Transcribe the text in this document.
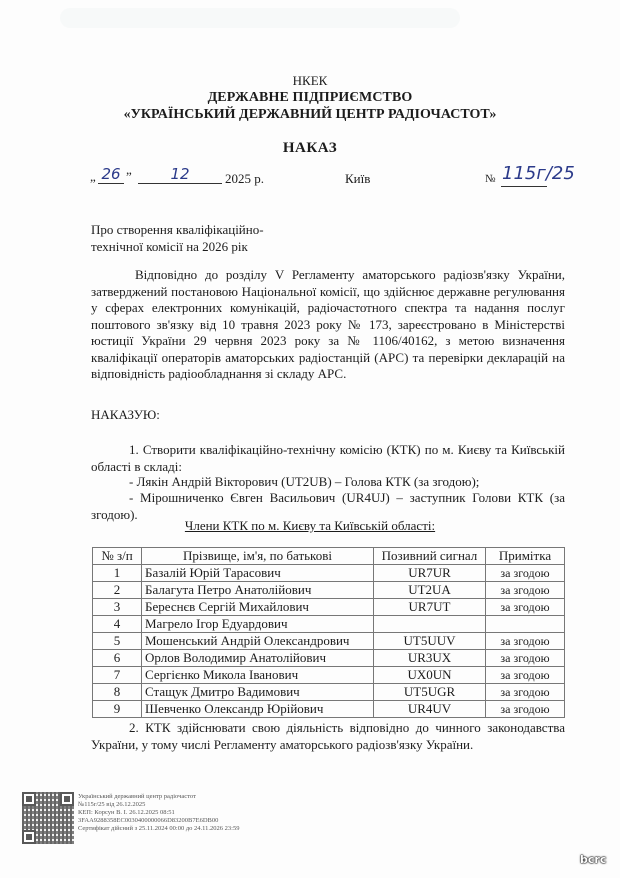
НКЕК
ДЕРЖАВНЕ ПІДПРИЄМСТВО
«УКРАЇНСЬКИЙ ДЕРЖАВНИЙ ЦЕНТР РАДІОЧАСТОТ»
НАКАЗ
„ 26 ”	12	2025 р.	Київ	№ 115г/25
Про створення кваліфікаційно-
технічної комісії на 2026 рік
Відповідно до розділу V Регламенту аматорського радіозв'язку України, затверджений постановою Національної комісії, що здійснює державне регулювання у сферах електронних комунікацій, радіочастотного спектра та надання послуг поштового зв'язку від 10 травня 2023 року № 173, зареєстровано в Міністерстві юстиції України 29 червня 2023 року за № 1106/40162, з метою визначення кваліфікації операторів аматорських радіостанцій (АРС) та перевірки декларацій на відповідність радіообладнання зі складу АРС.
НАКАЗУЮ:
1. Створити кваліфікаційно-технічну комісію (КТК) по м. Києву та Київській області в складі:
- Лякін Андрій Вікторович (UT2UB) – Голова КТК (за згодою);
- Мірошниченко Євген Васильович (UR4UJ) – заступник Голови КТК (за згодою).
Члени КТК по м. Києву та Київській області:
№ з/п	Прізвище, ім'я, по батькові	Позивний сигнал	Примітка
1	Базалій Юрій Тарасович	UR7UR	за згодою
2	Балагута Петро Анатолійович	UT2UA	за згодою
3	Береснєв Сергій Михайлович	UR7UT	за згодою
4	Магрело Ігор Едуардович		
5	Мошенський Андрій Олександрович	UT5UUV	за згодою
6	Орлов Володимир Анатолійович	UR3UX	за згодою
7	Сергієнко Микола Іванович	UX0UN	за згодою
8	Стащук Дмитро Вадимович	UT5UGR	за згодою
9	Шевченко Олександр Юрійович	UR4UV	за згодою
2. КТК здійснювати свою діяльність відповідно до чинного законодавства України, у тому числі Регламенту аматорського радіозв'язку України.
Український державний центр радіочастот
№115г/25 від 26.12.2025
КЕП: Корсун В. І. 26.12.2025 08:51
3FAA9288358EC0030400000066D83200B7E6DB00
Сертифікат дійсний з 25.11.2024 00:00 до 24.11.2026 23:59
bcrc
